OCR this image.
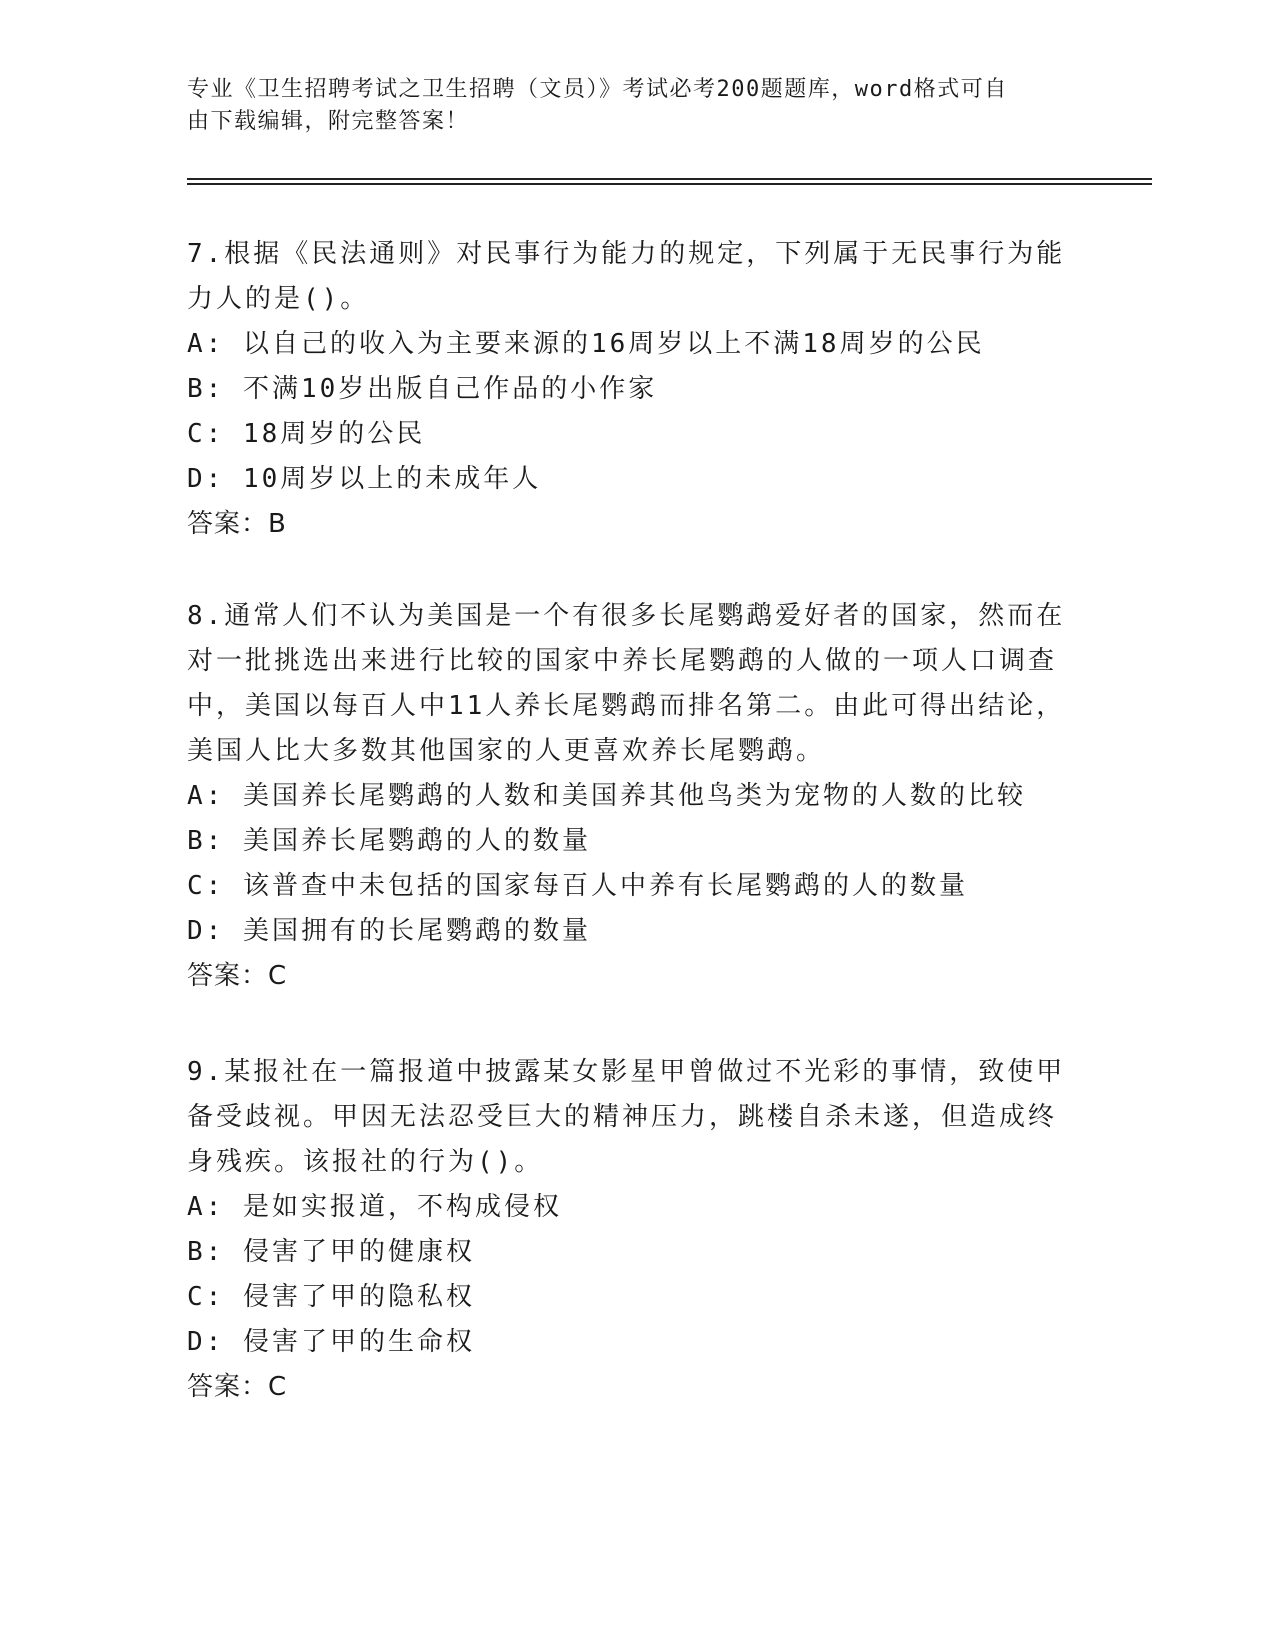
专业《卫生招聘考试之卫生招聘（文员）》考试必考200题题库，word格式可自
由下载编辑，附完整答案！
7.根据《民法通则》对民事行为能力的规定，下列属于无民事行为能
力人的是()。
A: 以自己的收入为主要来源的16周岁以上不满18周岁的公民
B: 不满10岁出版自己作品的小作家
C: 18周岁的公民
D: 10周岁以上的未成年人
答案：B
8.通常人们不认为美国是一个有很多长尾鹦鹉爱好者的国家，然而在
对一批挑选出来进行比较的国家中养长尾鹦鹉的人做的一项人口调查
中，美国以每百人中11人养长尾鹦鹉而排名第二。由此可得出结论，
美国人比大多数其他国家的人更喜欢养长尾鹦鹉。
A: 美国养长尾鹦鹉的人数和美国养其他鸟类为宠物的人数的比较
B: 美国养长尾鹦鹉的人的数量
C: 该普查中未包括的国家每百人中养有长尾鹦鹉的人的数量
D: 美国拥有的长尾鹦鹉的数量
答案：C
9.某报社在一篇报道中披露某女影星甲曾做过不光彩的事情，致使甲
备受歧视。甲因无法忍受巨大的精神压力，跳楼自杀未遂，但造成终
身残疾。该报社的行为()。
A: 是如实报道，不构成侵权
B: 侵害了甲的健康权
C: 侵害了甲的隐私权
D: 侵害了甲的生命权
答案：C
